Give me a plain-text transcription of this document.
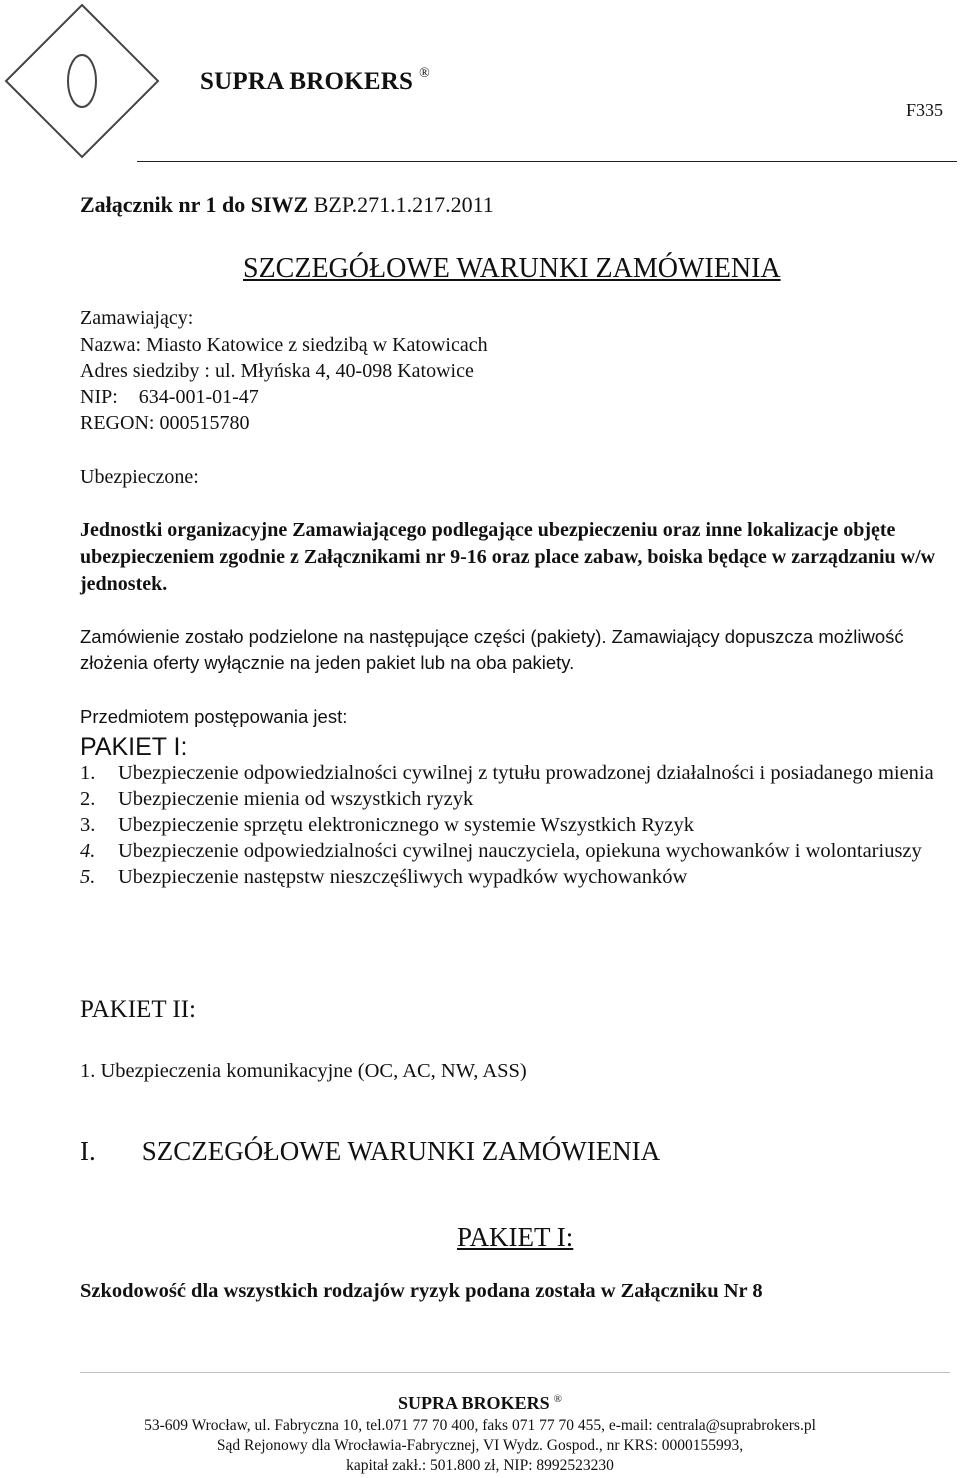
SUPRA BROKERS ®
F335
Załącznik nr 1 do SIWZ BZP.271.1.217.2011
SZCZEGÓŁOWE WARUNKI ZAMÓWIENIA
Zamawiający:
Nazwa: Miasto Katowice z siedzibą w Katowicach
Adres siedziby : ul. Młyńska 4, 40-098 Katowice
NIP: 634-001-01-47
REGON: 000515780
Ubezpieczone:
Jednostki organizacyjne Zamawiającego podlegające ubezpieczeniu oraz inne lokalizacje objęte ubezpieczeniem zgodnie z Załącznikami nr 9-16 oraz place zabaw, boiska będące w zarządzaniu w/w jednostek.
Zamówienie zostało podzielone na następujące części (pakiety). Zamawiający dopuszcza możliwość złożenia oferty wyłącznie na jeden pakiet lub na oba pakiety.
Przedmiotem postępowania jest:
PAKIET I:
1. Ubezpieczenie odpowiedzialności cywilnej z tytułu prowadzonej działalności i posiadanego mienia
2. Ubezpieczenie mienia od wszystkich ryzyk
3. Ubezpieczenie sprzętu elektronicznego w systemie Wszystkich Ryzyk
4. Ubezpieczenie odpowiedzialności cywilnej nauczyciela, opiekuna wychowanków i wolontariuszy
5. Ubezpieczenie następstw nieszczęśliwych wypadków wychowanków
PAKIET II:
1. Ubezpieczenia komunikacyjne (OC, AC, NW, ASS)
I. SZCZEGÓŁOWE WARUNKI ZAMÓWIENIA
PAKIET I:
Szkodowość dla wszystkich rodzajów ryzyk podana została w Załączniku Nr 8
SUPRA BROKERS ®
53-609 Wrocław, ul. Fabryczna 10, tel.071 77 70 400, faks 071 77 70 455, e-mail: centrala@suprabrokers.pl
Sąd Rejonowy dla Wrocławia-Fabrycznej, VI Wydz. Gospod., nr KRS: 0000155993,
kapitał zakł.: 501.800 zł, NIP: 8992523230
